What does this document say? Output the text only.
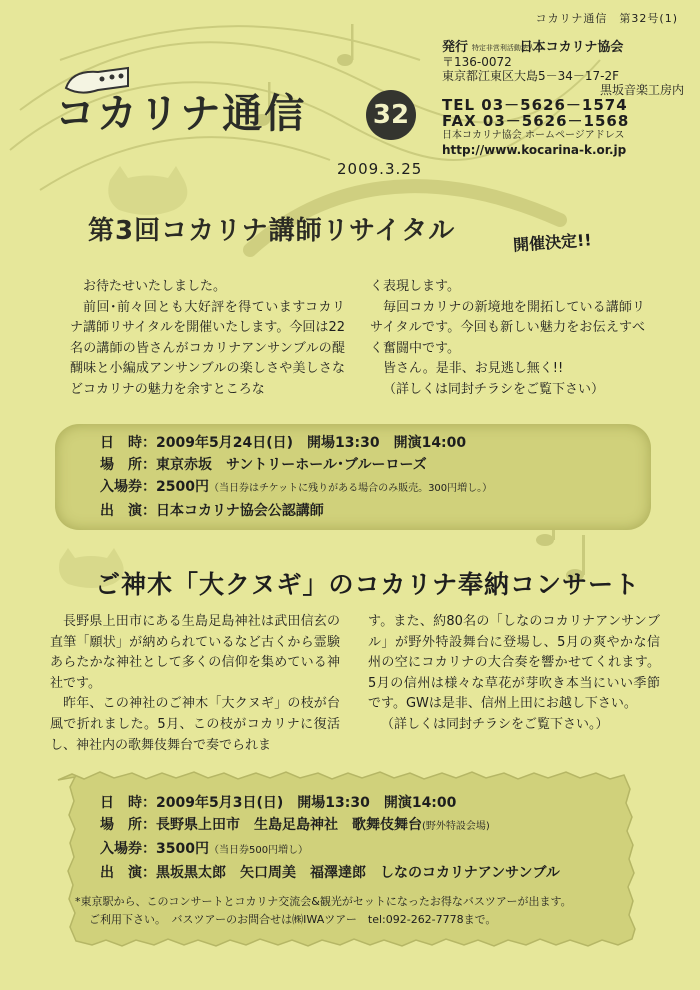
コカリナ通信　第32号(1)
コカリナ通信	32
2009.3.25
発行 特定非営利活動法人 日本コカリナ協会
〒136-0072
東京都江東区大島5－34－17-2F
黒坂音楽工房内
TEL 03－5626－1574
FAX 03－5626－1568
日本コカリナ協会 ホームページアドレス
http://www.kocarina-k.or.jp
第3回コカリナ講師リサイタル	開催決定!!

お待たせいたしました。

前回･前々回とも大好評を得ていますコカリナ講師リサイタルを開催いたします。今回は22名の講師の皆さんがコカリナアンサンブルの醍醐味と小編成アンサンブルの楽しさや美しさなどコカリナの魅力を余すところな

く表現します。

毎回コカリナの新境地を開拓している講師リサイタルです。今回も新しい魅力をお伝えすべく奮闘中です。

皆さん。是非、お見逃し無く!!

（詳しくは同封チラシをご覧下さい）

日　時：2009年5月24日(日) 開場13:30 開演14:00
場　所：東京赤坂　サントリーホール･ブルーローズ
入場券：2500円（当日券はチケットに残りがある場合のみ販売。300円増し。）
出　演：日本コカリナ協会公認講師
ご神木「大クヌギ」のコカリナ奉納コンサート

長野県上田市にある生島足島神社は武田信玄の直筆「願状」が納められているなど古くから霊験あらたかな神社として多くの信仰を集めている神社です。

昨年、この神社のご神木「大クヌギ」の枝が台風で折れました。5月、この枝がコカリナに復活し、神社内の歌舞伎舞台で奏でられま

す。また、約80名の「しなのコカリナアンサンブル」が野外特設舞台に登場し、5月の爽やかな信州の空にコカリナの大合奏を響かせてくれます。5月の信州は様々な草花が芽吹き本当にいい季節です。GWは是非、信州上田にお越し下さい。

（詳しくは同封チラシをご覧下さい。）

日　時：2009年5月3日(日) 開場13:30 開演14:00
場　所：長野県上田市　生島足島神社　歌舞伎舞台(野外特設会場)
入場券：3500円（当日券500円増し）
出　演：黒坂黒太郎　矢口周美　福澤達郎　しなのコカリナアンサンブル
*東京駅から、このコンサートとコカリナ交流会&観光がセットになったお得なバスツアーが出ます。
ご利用下さい。　バスツアーのお問合せは㈱IWAツアー　tel:092-262-7778まで。
